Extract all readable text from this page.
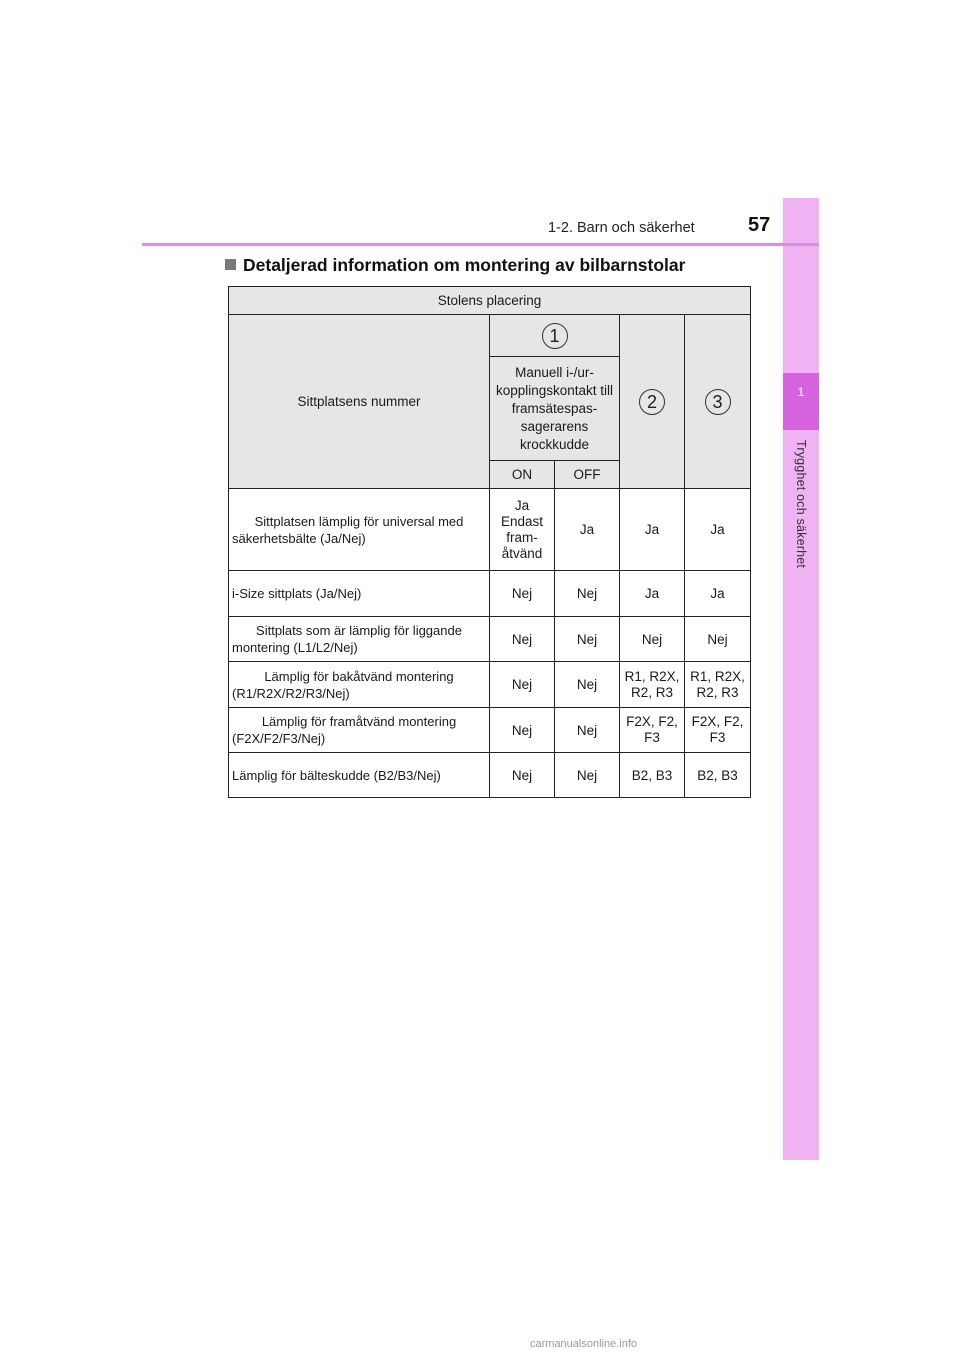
1
Trygghet och säkerhet
1-2. Barn och säkerhet	57
Detaljerad information om montering av bilbarnstolar
Stolens placering				
Sittplatsens nummer	1		2	3
	Manuell i-/ur-kopplingskontakt till framsätespas-sagerarens krockkudde			
	ON	OFF		
Sittplatsen lämplig för universal med säkerhetsbälte (Ja/Nej)	Ja Endast fram-åtvänd	Ja	Ja	Ja
i-Size sittplats (Ja/Nej)	Nej	Nej	Ja	Ja
Sittplats som är lämplig för liggande montering (L1/L2/Nej)	Nej	Nej	Nej	Nej
Lämplig för bakåtvänd montering (R1/R2X/R2/R3/Nej)	Nej	Nej	R1, R2X, R2, R3	R1, R2X, R2, R3
Lämplig för framåtvänd montering (F2X/F2/F3/Nej)	Nej	Nej	F2X, F2, F3	F2X, F2, F3
Lämplig för bälteskudde (B2/B3/Nej)	Nej	Nej	B2, B3	B2, B3
carmanualsonline.info
